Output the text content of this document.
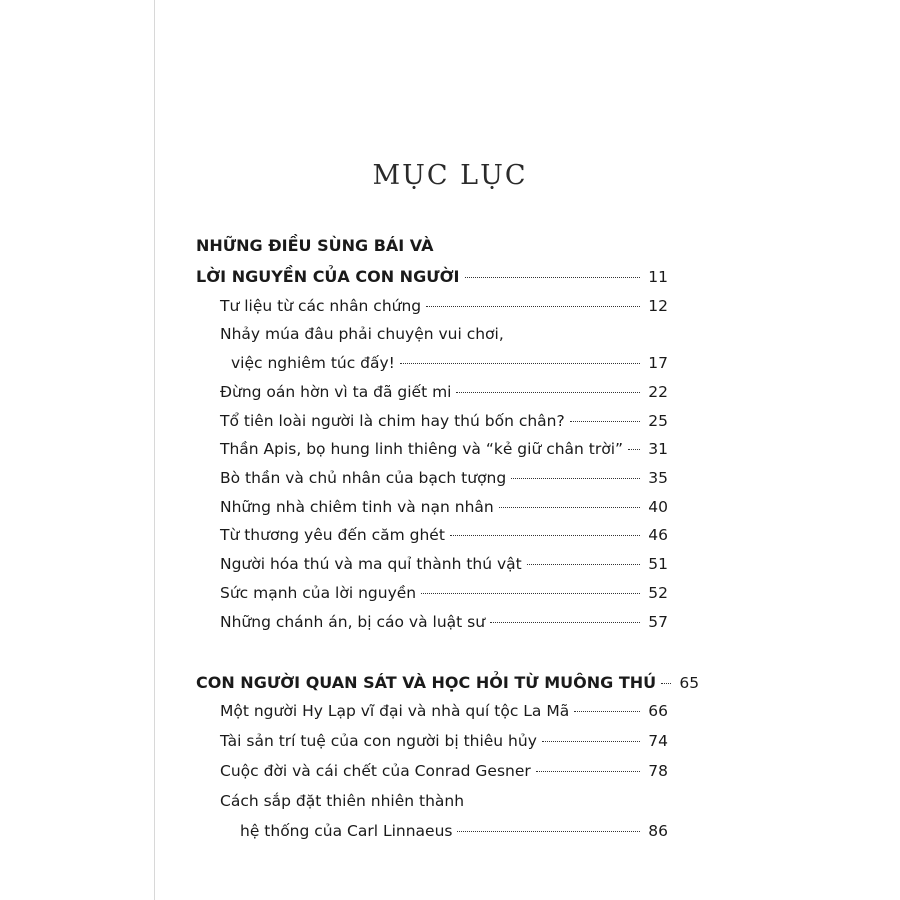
MỤC LỤC
NHỮNG ĐIỀU SÙNG BÁI VÀ
LỜI NGUYỀN CỦA CON NGƯỜI	11
Tư liệu từ các nhân chứng	12
Nhảy múa đâu phải chuyện vui chơi,
việc nghiêm túc đấy!	17
Đừng oán hờn vì ta đã giết mi	22
Tổ tiên loài người là chim hay thú bốn chân?	25
Thần Apis, bọ hung linh thiêng và “kẻ giữ chân trời” 31
Bò thần và chủ nhân của bạch tượng	35
Những nhà chiêm tinh và nạn nhân	40
Từ thương yêu đến căm ghét	46
Người hóa thú và ma quỉ thành thú vật	51
Sức mạnh của lời nguyền	52
Những chánh án, bị cáo và luật sư	57
CON NGƯỜI QUAN SÁT VÀ HỌC HỎI TỪ MUÔNG THÚ 65
Một người Hy Lạp vĩ đại và nhà quí tộc La Mã	66
Tài sản trí tuệ của con người bị thiêu hủy	74
Cuộc đời và cái chết của Conrad Gesner	78
Cách sắp đặt thiên nhiên thành
hệ thống của Carl Linnaeus	86
